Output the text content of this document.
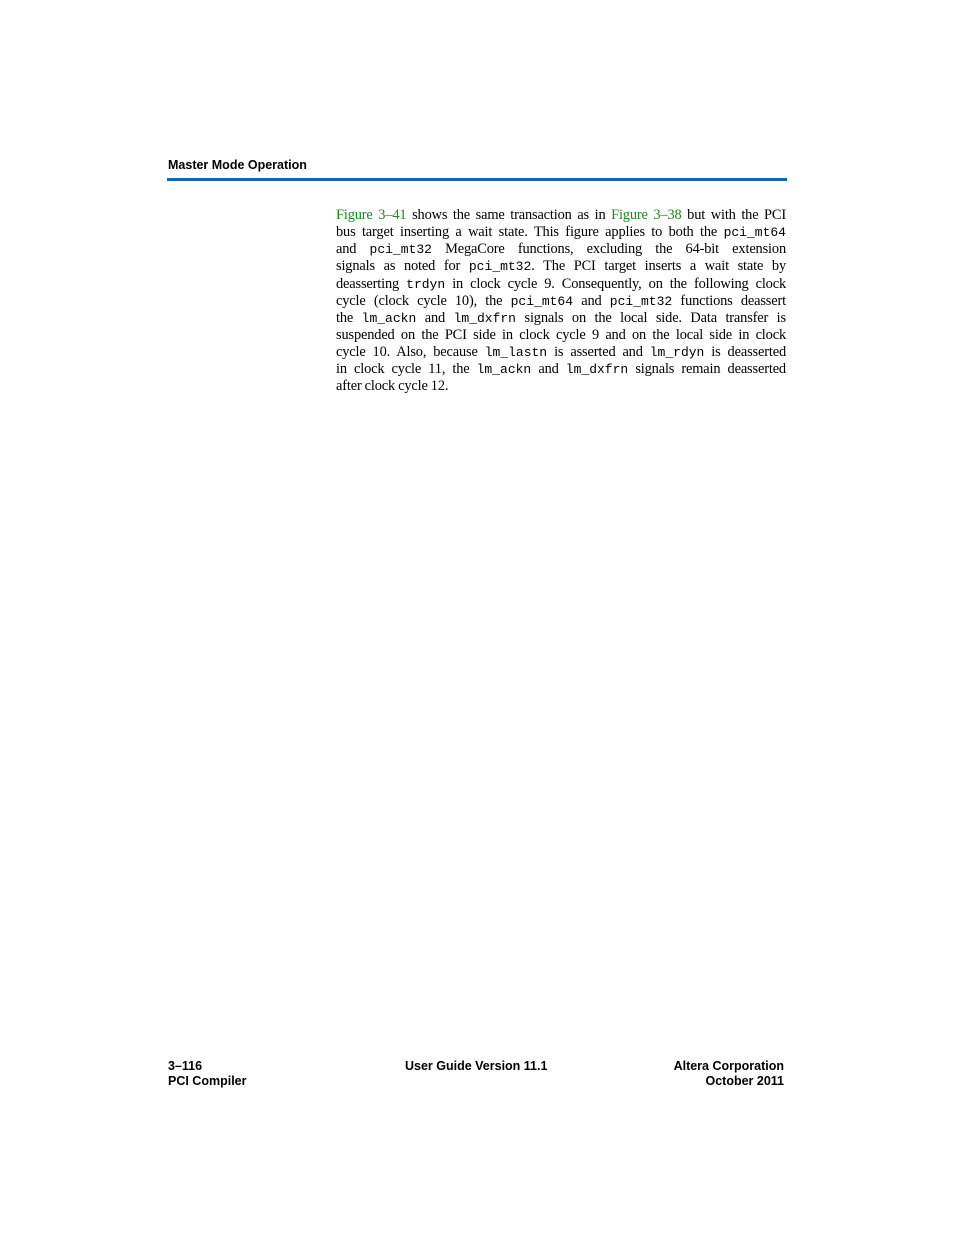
Master Mode Operation
Figure 3–41 shows the same transaction as in Figure 3–38 but with the PCI
bus target inserting a wait state. This figure applies to both the pci_mt64
and pci_mt32 MegaCore functions, excluding the 64-bit extension
signals as noted for pci_mt32. The PCI target inserts a wait state by
deasserting trdyn in clock cycle 9. Consequently, on the following clock
cycle (clock cycle 10), the pci_mt64 and pci_mt32 functions deassert
the lm_ackn and lm_dxfrn signals on the local side. Data transfer is
suspended on the PCI side in clock cycle 9 and on the local side in clock
cycle 10. Also, because lm_lastn is asserted and lm_rdyn is deasserted
in clock cycle 11, the lm_ackn and lm_dxfrn signals remain deasserted
after clock cycle 12.
3–116
PCI Compiler
User Guide Version 11.1	Altera Corporation
October 2011
